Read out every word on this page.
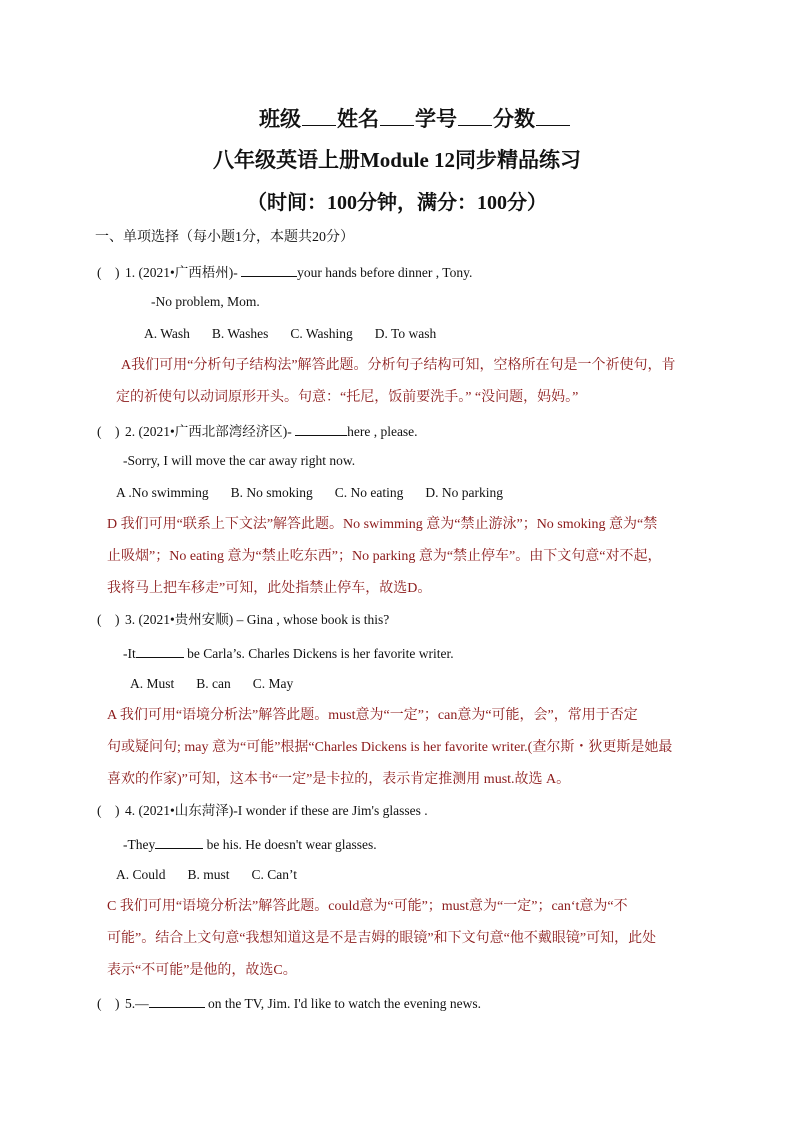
班级 姓名 学号 分数
八年级英语上册Module 12同步精品练习
（时间：100分钟，满分：100分）
一、单项选择（每小题1分，本题共20分）
(    ) 1. (2021•广西梧州)-	your hands before dinner , Tony.
-No problem, Mom.
A. Wash B. Washes C. Washing D. To wash
A我们可用“分析句子结构法”解答此题。分析句子结构可知，空格所在句是一个祈使句，肯
定的祈使句以动词原形开头。句意：“托尼，饭前要洗手。” “没问题，妈妈。”
(    ) 2. (2021•广西北部湾经济区)-	here , please.
-Sorry, I will move the car away right now.
A .No swimming B. No smoking C. No eating D. No parking
D 我们可用“联系上下文法”解答此题。No swimming 意为“禁止游泳”；No smoking 意为“禁
止吸烟”；No eating 意为“禁止吃东西”；No parking 意为“禁止停车”。由下文句意“对不起，
我将马上把车移走”可知，此处指禁止停车，故选D。
(    ) 3. (2021•贵州安顺) – Gina , whose book is this?
-It	be Carla’s. Charles Dickens is her favorite writer.
A. Must B. can C. May
A 我们可用“语境分析法”解答此题。must意为“一定”；can意为“可能，会”，常用于否定
句或疑问句; may 意为“可能”根据“Charles Dickens is her favorite writer.(查尔斯・狄更斯是她最
喜欢的作家)”可知，这本书“一定”是卡拉的，表示肯定推测用 must.故选 A。
(    ) 4. (2021•山东菏泽)-I wonder if these are Jim's glasses .
-They	be his. He doesn't wear glasses.
A. Could B. must C. Can’t
C 我们可用“语境分析法”解答此题。could意为“可能”；must意为“一定”；can‘t意为“不
可能”。结合上文句意“我想知道这是不是吉姆的眼镜”和下文句意“他不戴眼镜”可知，此处
表示“不可能”是他的，故选C。
(    ) 5.—	on the TV, Jim. I'd like to watch the evening news.
